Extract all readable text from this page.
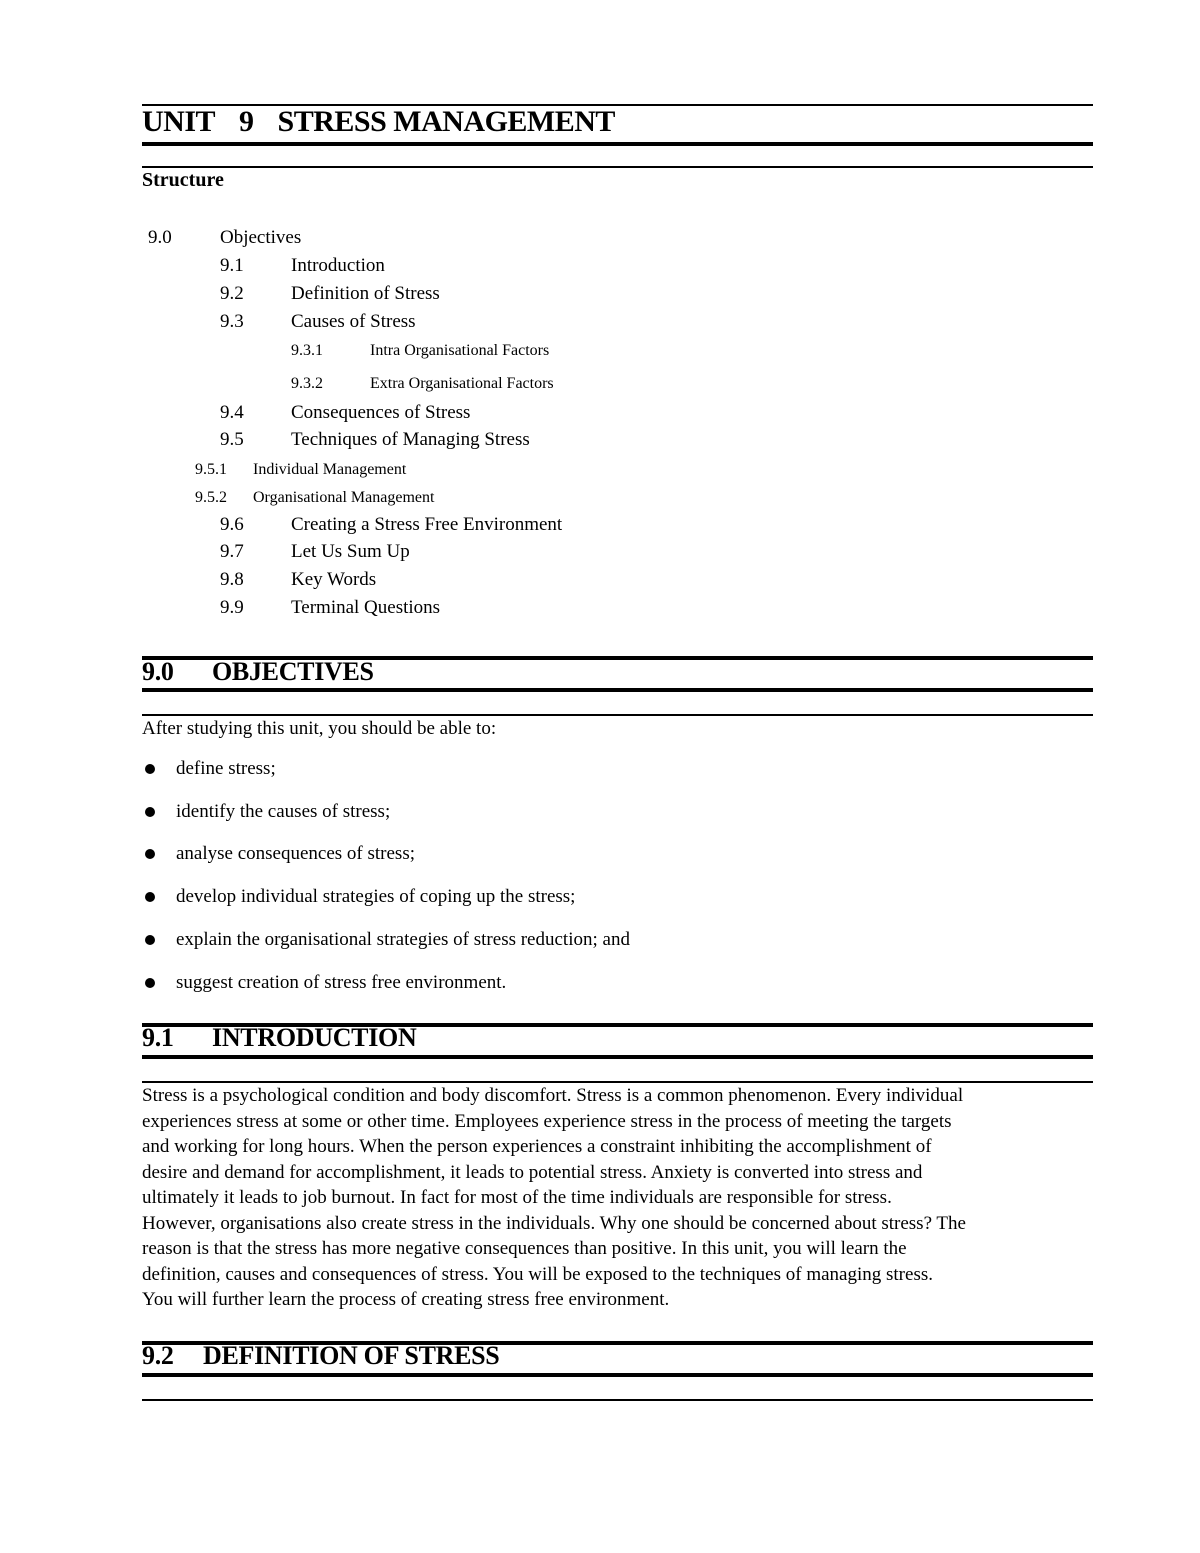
UNIT 9 STRESS MANAGEMENT
Structure
9.0	Objectives
9.1 Introduction
9.2 Definition of Stress
9.3 Causes of Stress
9.3.1	Intra Organisational Factors
9.3.2	Extra Organisational Factors
9.4 Consequences of Stress
9.5 Techniques of Managing Stress
9.5.1 Individual Management
9.5.2 Organisational Management
9.6 Creating a Stress Free Environment
9.7 Let Us Sum Up
9.8 Key Words
9.9 Terminal Questions
9.0 OBJECTIVES
After studying this unit, you should be able to:
define stress;
identify the causes of stress;
analyse consequences of stress;
develop individual strategies of coping up the stress;
explain the organisational strategies of stress reduction; and
suggest creation of stress free environment.
9.1 INTRODUCTION
Stress is a psychological condition and body discomfort. Stress is a common phenomenon. Every individual
experiences stress at some or other time. Employees experience stress in the process of meeting the targets
and working for long hours. When the person experiences a constraint inhibiting the accomplishment of
desire and demand for accomplishment, it leads to potential stress. Anxiety is converted into stress and
ultimately it leads to job burnout. In fact for most of the time individuals are responsible for stress.
However, organisations also create stress in the individuals. Why one should be concerned about stress? The
reason is that the stress has more negative consequences than positive. In this unit, you will learn the
definition, causes and consequences of stress. You will be exposed to the techniques of managing stress.
You will further learn the process of creating stress free environment.
9.2 DEFINITION OF STRESS
